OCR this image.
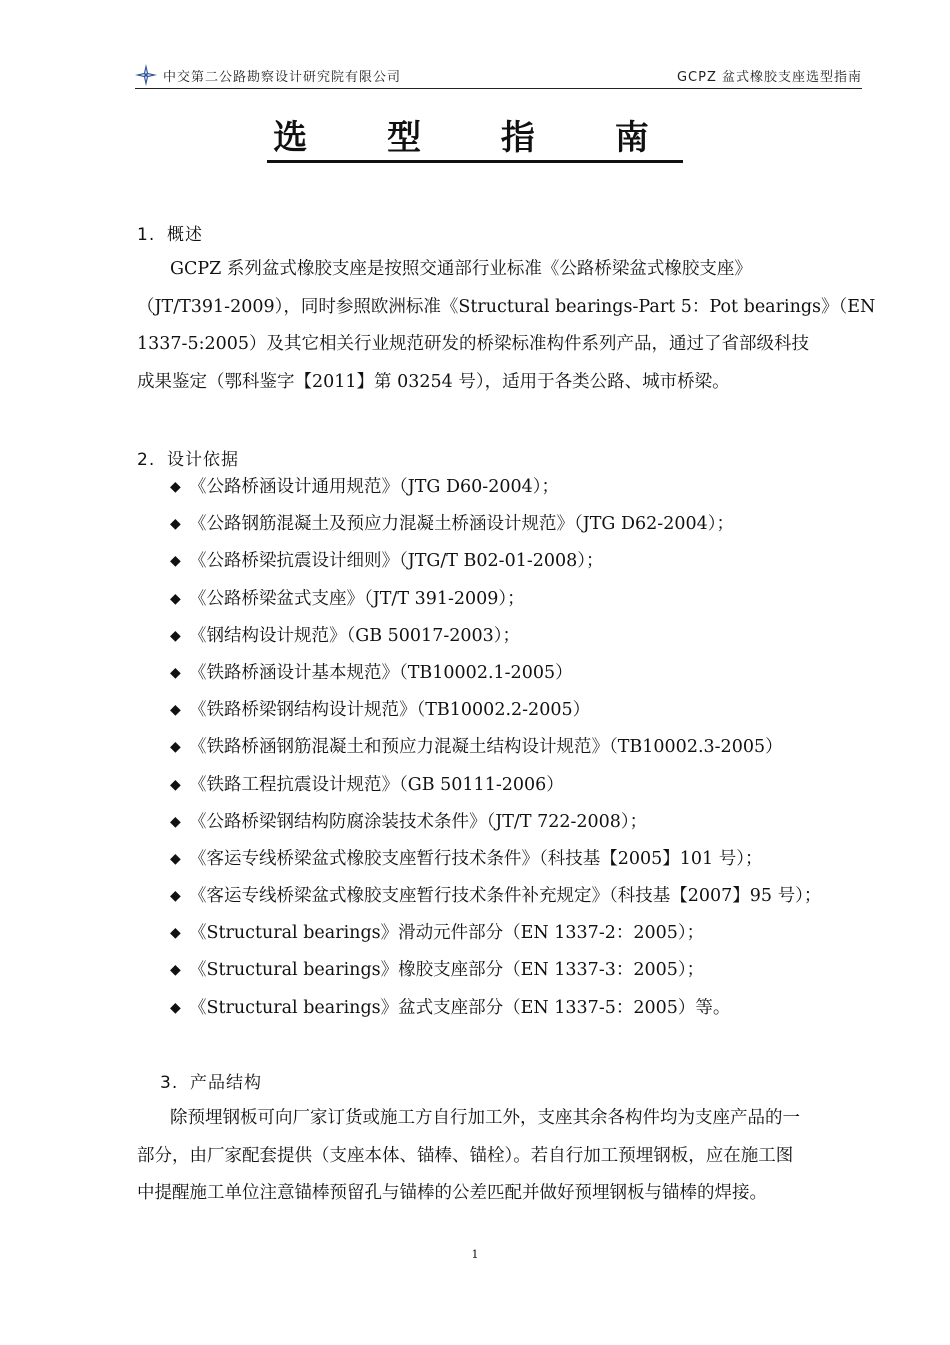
中交第二公路勘察设计研究院有限公司	GCPZ 盆式橡胶支座选型指南
选 型 指 南
1. 概述

GCPZ 系列盆式橡胶支座是按照交通部行业标准《公路桥梁盆式橡胶支座》
（JT/T391-2009），同时参照欧洲标准《Structural bearings-Part 5：Pot bearings》（EN
1337-5:2005）及其它相关行业规范研发的桥梁标准构件系列产品，通过了省部级科技
成果鉴定（鄂科鉴字【2011】第 03254 号），适用于各类公路、城市桥梁。

2. 设计依据
◆ 《公路桥涵设计通用规范》（JTG D60-2004）；
◆ 《公路钢筋混凝土及预应力混凝土桥涵设计规范》（JTG D62-2004）；
◆ 《公路桥梁抗震设计细则》（JTG/T B02-01-2008）；
◆ 《公路桥梁盆式支座》（JT/T 391-2009）；
◆ 《钢结构设计规范》（GB 50017-2003）；
◆ 《铁路桥涵设计基本规范》（TB10002.1-2005）
◆ 《铁路桥梁钢结构设计规范》（TB10002.2-2005）
◆ 《铁路桥涵钢筋混凝土和预应力混凝土结构设计规范》（TB10002.3-2005）
◆ 《铁路工程抗震设计规范》（GB 50111-2006）
◆ 《公路桥梁钢结构防腐涂装技术条件》（JT/T 722-2008）；
◆ 《客运专线桥梁盆式橡胶支座暂行技术条件》（科技基【2005】101 号）；
◆ 《客运专线桥梁盆式橡胶支座暂行技术条件补充规定》（科技基【2007】95 号）；
◆ 《Structural bearings》滑动元件部分（EN 1337-2：2005）；
◆ 《Structural bearings》橡胶支座部分（EN 1337-3：2005）；
◆ 《Structural bearings》盆式支座部分（EN 1337-5：2005）等。
3. 产品结构

除预埋钢板可向厂家订货或施工方自行加工外，支座其余各构件均为支座产品的一
部分，由厂家配套提供（支座本体、锚棒、锚栓）。若自行加工预埋钢板，应在施工图
中提醒施工单位注意锚棒预留孔与锚棒的公差匹配并做好预埋钢板与锚棒的焊接。

1
